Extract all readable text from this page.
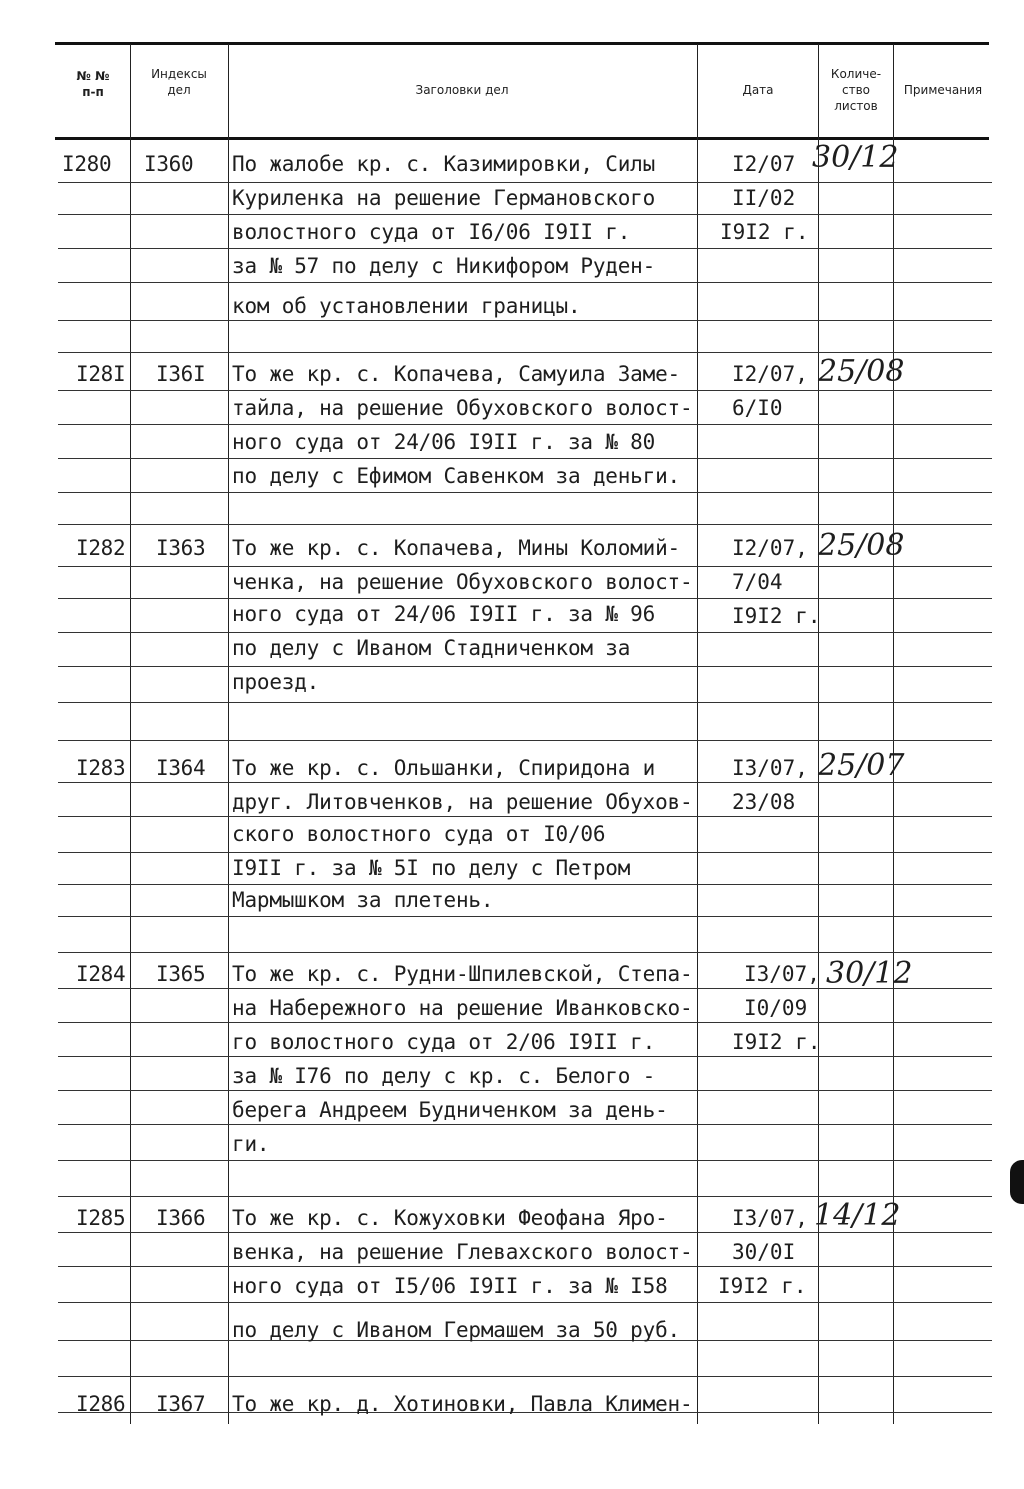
№ №
п-п
Индексы
дел	Заголовки дел	Дата
Количе-
ство
листов
Примечания
I280 I360 По жалобе кр. с. Казимировки, Силы
Куриленка на решение Германовского
волостного суда от I6/06 I9II г.
за № 57 по делу с Никифором Руден-
ком об установлении границы.
I2/07
II/02
I9I2 г.
30/12
I28I I36I То же кр. с. Копачева, Самуила Заме-
тайла, на решение Обуховского волост-
ного суда от 24/06 I9II г. за № 80
по делу с Ефимом Савенком за деньги.
I2/07,
6/I0
25/08
I282 I363 То же кр. с. Копачева, Мины Коломий-
ченка, на решение Обуховского волост-
ного суда от 24/06 I9II г. за № 96
по делу с Иваном Стадниченком за
проезд.
I2/07,
7/04
I9I2 г.
25/08
I283 I364 То же кр. с. Ольшанки, Спиридона и
друг. Литовченков, на решение Обухов-
ского волостного суда от I0/06
I9II г. за № 5I по делу с Петром
Мармышком за плетень.
I3/07,
23/08
25/07
I284 I365 То же кр. с. Рудни-Шпилевской, Степа-
на Набережного на решение Иванковско-
го волостного суда от 2/06 I9II г.
за № I76 по делу с кр. с. Белого -
берега Андреем Будниченком за день-
ги.
I3/07,
I0/09
I9I2 г.
30/12
I285 I366 То же кр. с. Кожуховки Феофана Яро-
венка, на решение Глевахского волост-
ного суда от I5/06 I9II г. за № I58
по делу с Иваном Гермашем за 50 руб.
I3/07,
30/0I
I9I2 г.
14/12
I286 I367 То же кр. д. Хотиновки, Павла Климен-
